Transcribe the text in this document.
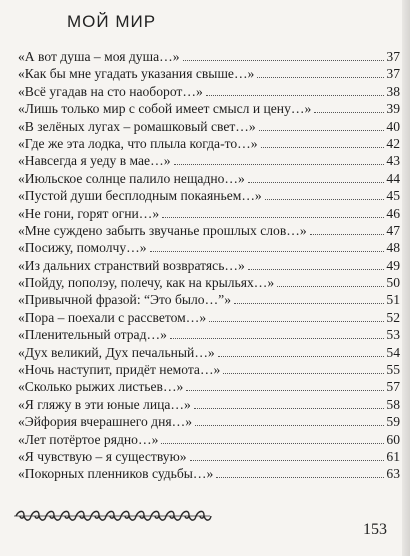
МОЙ МИР
«А вот душа – моя душа…»	37
«Как бы мне угадать указания свыше…»	37
«Всё угадав на сто наоборот…»	38
«Лишь только мир с собой имеет смысл и цену…»	39
«В зелёных лугах – ромашковый свет…»	40
«Где же эта лодка, что плыла когда-то…»	42
«Навсегда я уеду в мае…»	43
«Июльское солнце палило нещадно…»	44
«Пустой души бесплодным покаяньем…»	45
«Не гони, горят огни…»	46
«Мне суждено забыть звучанье прошлых слов…»	47
«Посижу, помолчу…»	48
«Из дальних странствий возвратясь…»	49
«Пойду, пополэу, полечу, как на крыльях…»	50
«Привычной фразой: “Это было…”»	51
«Пора – поехали с рассветом…»	52
«Пленительный отрад…»	53
«Дух великий, Дух печальный…»	54
«Ночь наступит, придёт немота…»	55
«Сколько рыжих листьев…»	57
«Я гляжу в эти юные лица…»	58
«Эйфория вчерашнего дня…»	59
«Лет потёртое рядно…»	60
«Я чувствую – я существую»	61
«Покорных пленников судьбы…»	63
153
